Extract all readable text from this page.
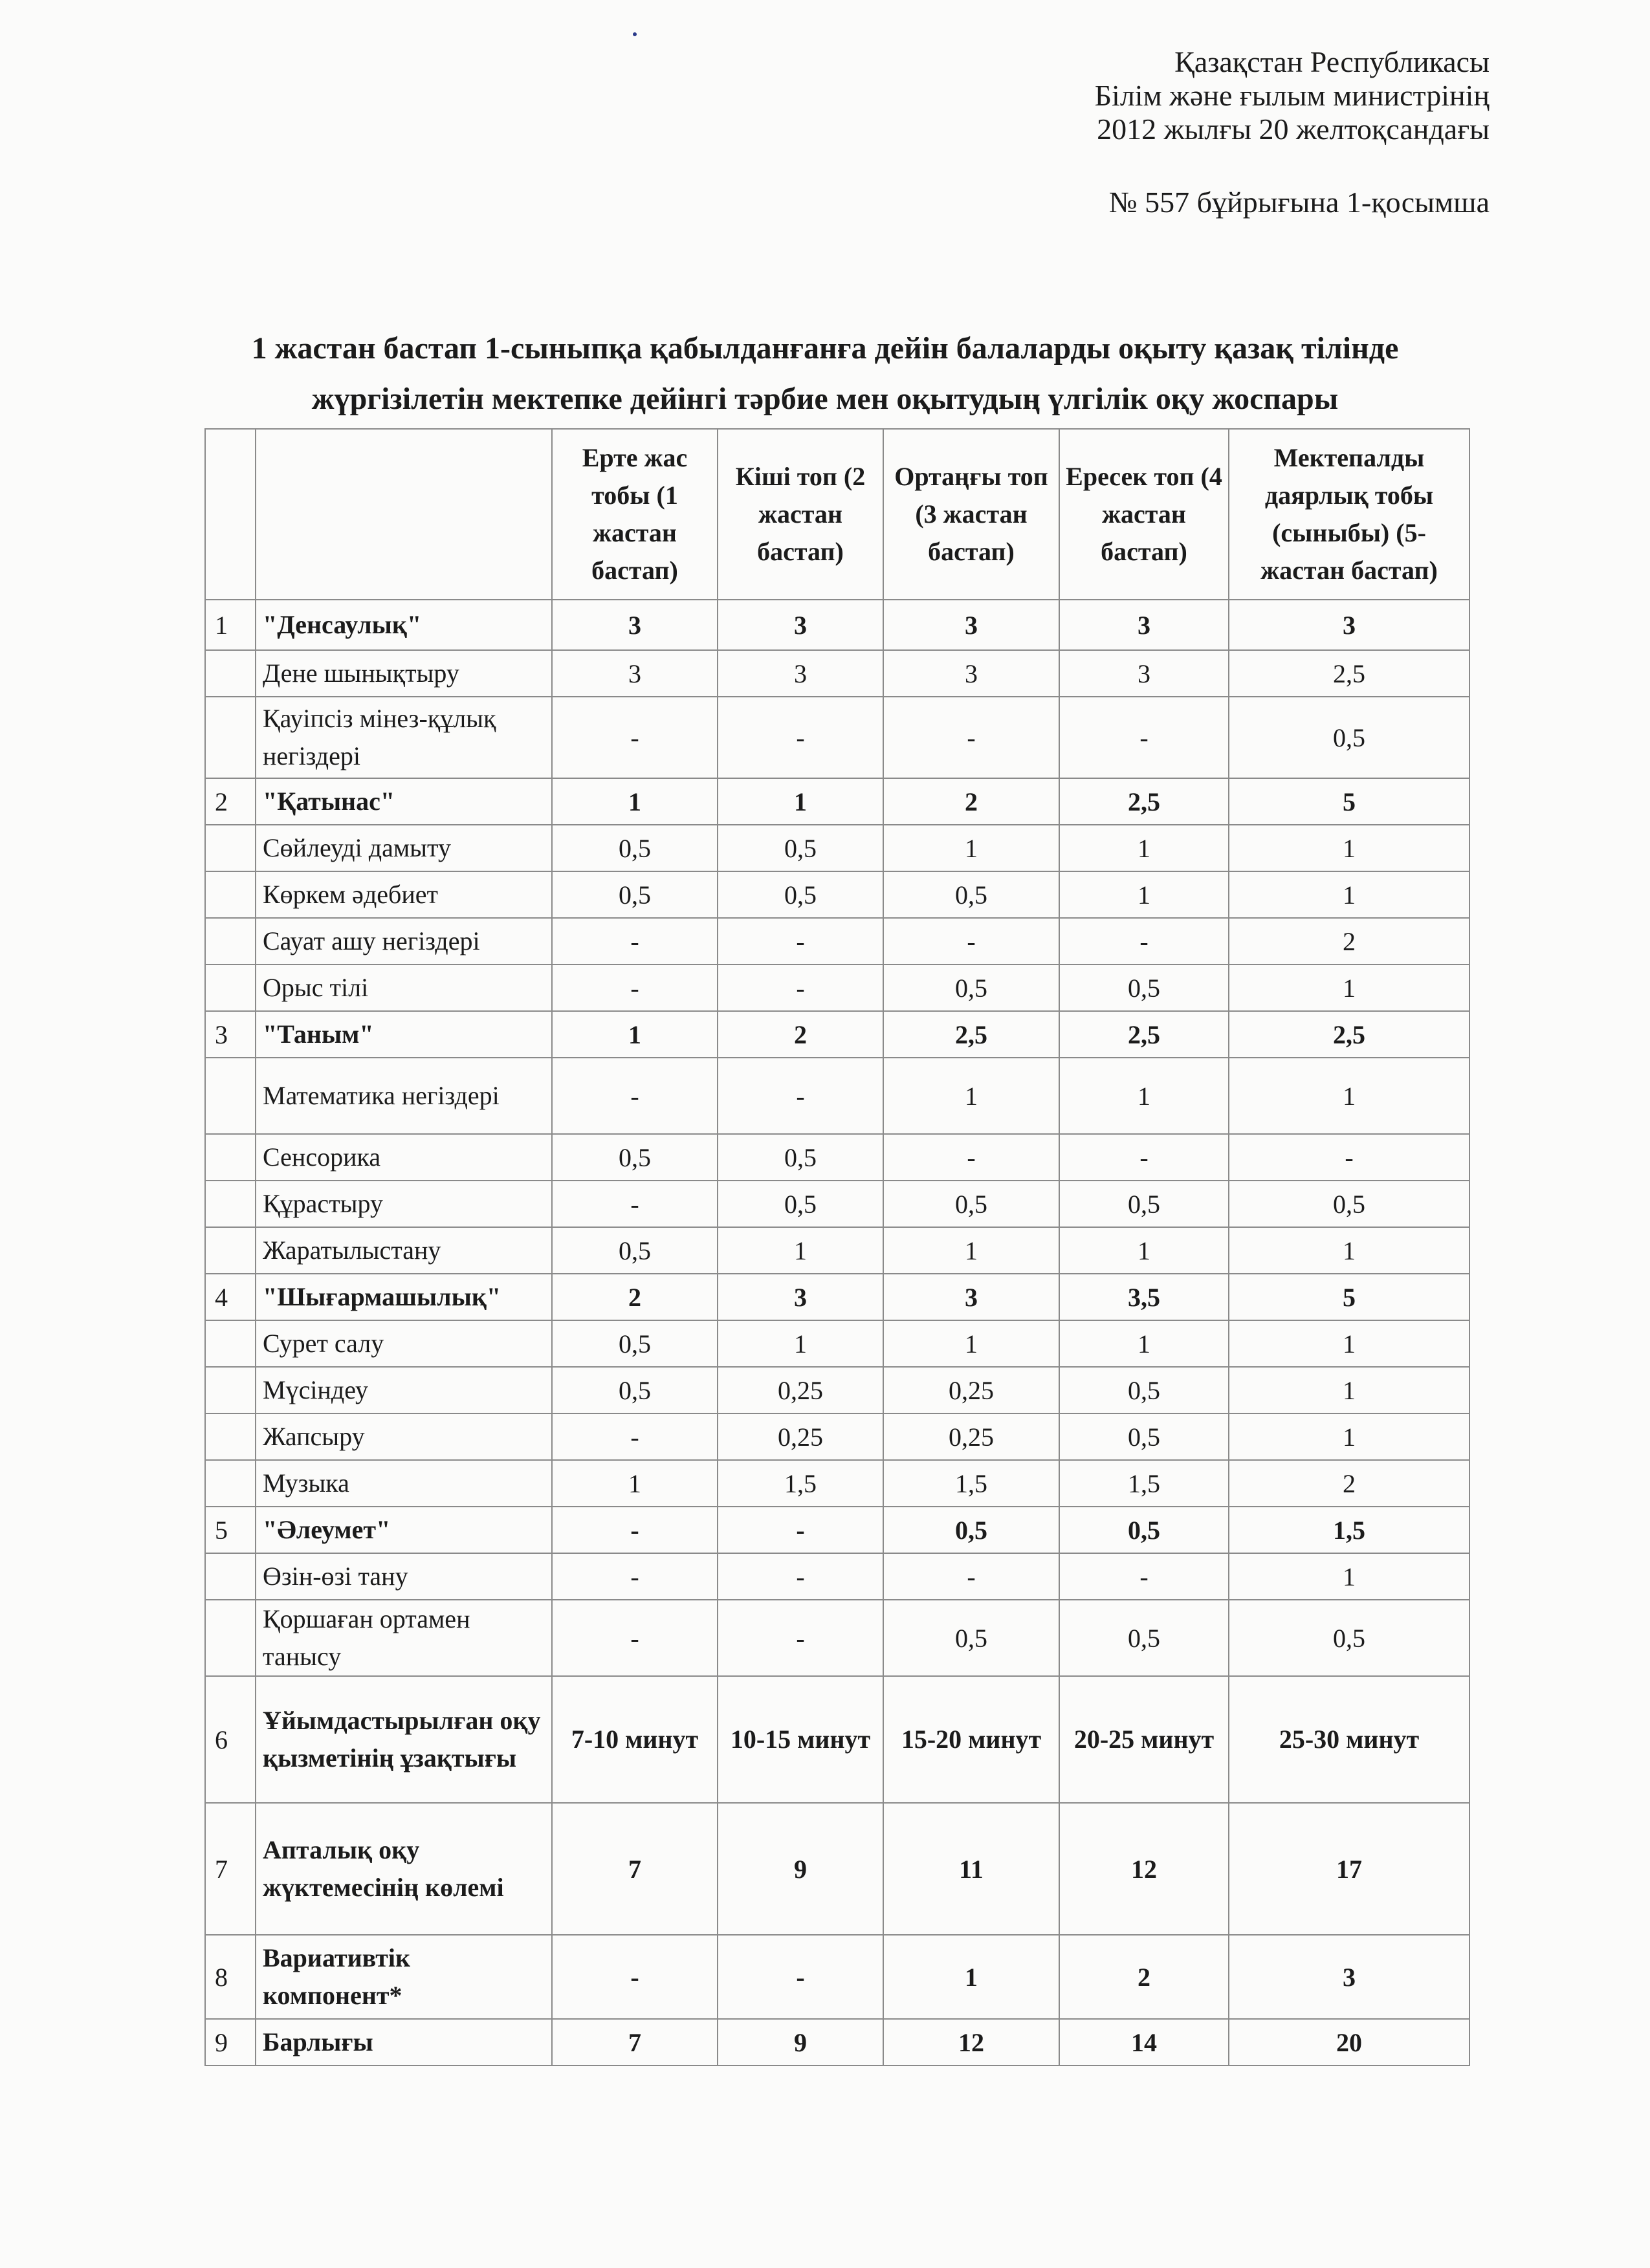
Қазақстан Республикасы
Білім және ғылым министрінің
2012 жылғы 20 желтоқсандағы
№ 557 бұйрығына 1-қосымша
1 жастан бастап 1-сыныпқа қабылданғанға дейін балаларды оқыту қазақ тілінде
жүргізілетін мектепке дейінгі тәрбие мен оқытудың үлгілік оқу жоспары
		Ерте жас тобы (1 жастан бастап)	Кіші топ (2 жастан бастап)	Ортаңғы топ (3 жастан бастап)	Ересек топ (4 жастан бастап)	Мектепалды даярлық тобы (сыныбы) (5-жастан бастап)
1	"Денсаулық"	3	3	3	3	3
	Дене шынықтыру	3	3	3	3	2,5
	Қауіпсіз мінез-құлық негіздері	-	-	-	-	0,5
2	"Қатынас"	1	1	2	2,5	5
	Сөйлеуді дамыту	0,5	0,5	1	1	1
	Көркем әдебиет	0,5	0,5	0,5	1	1
	Сауат ашу негіздері	-	-	-	-	2
	Орыс тілі	-	-	0,5	0,5	1
3	"Таным"	1	2	2,5	2,5	2,5
	Математика негіздері	-	-	1	1	1
	Сенсорика	0,5	0,5	-	-	-
	Құрастыру	-	0,5	0,5	0,5	0,5
	Жаратылыстану	0,5	1	1	1	1
4	"Шығармашылық"	2	3	3	3,5	5
	Сурет салу	0,5	1	1	1	1
	Мүсіндеу	0,5	0,25	0,25	0,5	1
	Жапсыру	-	0,25	0,25	0,5	1
	Музыка	1	1,5	1,5	1,5	2
5	"Әлеумет"	-	-	0,5	0,5	1,5
	Өзін-өзі тану	-	-	-	-	1
	Қоршаған ортамен танысу	-	-	0,5	0,5	0,5
6	Ұйымдастырылған оқу қызметінің ұзақтығы	7-10 минут	10-15 минут	15-20 минут	20-25 минут	25-30 минут
7	Апталық оқу жүктемесінің көлемі	7	9	11	12	17
8	Вариативтік компонент*	-	-	1	2	3
9	Барлығы	7	9	12	14	20
